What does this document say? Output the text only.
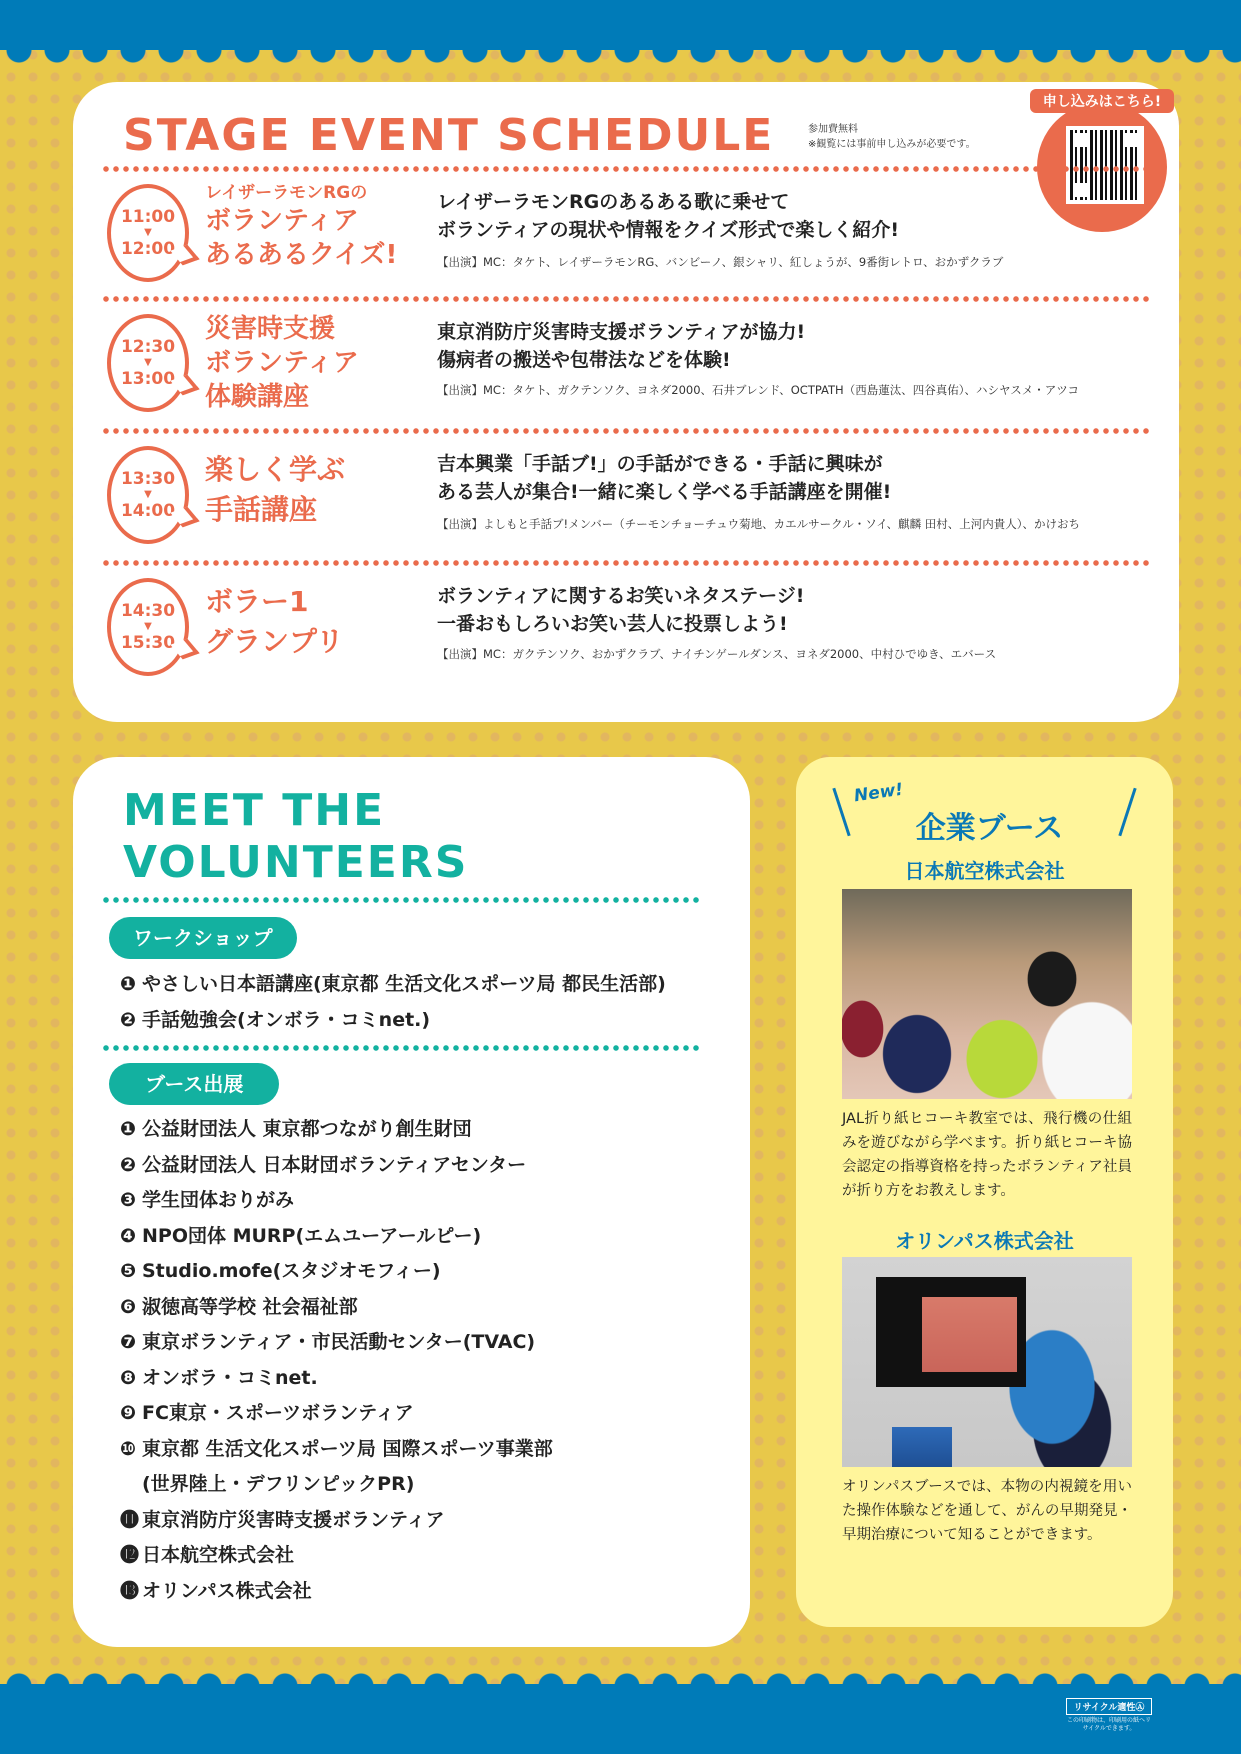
STAGE EVENT SCHEDULE	参加費無料
※観覧には事前申し込みが必要です。
申し込みはこちら!
11:00
▼
12:00
レイザーラモンRGの
ボランティア
あるあるクイズ!
レイザーラモンRGのあるある歌に乗せて
ボランティアの現状や情報をクイズ形式で楽しく紹介!
【出演】MC：タケト、レイザーラモンRG、バンビーノ、銀シャリ、紅しょうが、9番街レトロ、おかずクラブ
12:30
▼
13:00
災害時支援
ボランティア
体験講座
東京消防庁災害時支援ボランティアが協力!
傷病者の搬送や包帯法などを体験!
【出演】MC：タケト、ガクテンソク、ヨネダ2000、石井ブレンド、OCTPATH（西島蓮汰、四谷真佑）、ハシヤスメ・アツコ
13:30
▼
14:00
楽しく学ぶ
手話講座
吉本興業「手話ブ!」の手話ができる・手話に興味が
ある芸人が集合!一緒に楽しく学べる手話講座を開催!
【出演】よしもと手話ブ!メンバー（チーモンチョーチュウ菊地、カエルサークル・ソイ、麒麟 田村、上河内貴人）、かけおち
14:30
▼
15:30
ボラー1
グランプリ
ボランティアに関するお笑いネタステージ!
一番おもしろいお笑い芸人に投票しよう!
【出演】MC：ガクテンソク、おかずクラブ、ナイチンゲールダンス、ヨネダ2000、中村ひでゆき、エバース
MEET THE
VOLUNTEERS
ワークショップ
❶ やさしい日本語講座(東京都 生活文化スポーツ局 都民生活部)
❷ 手話勉強会(オンボラ・コミnet.)
ブース出展
❶ 公益財団法人 東京都つながり創生財団
❷ 公益財団法人 日本財団ボランティアセンター
❸ 学生団体おりがみ
❹ NPO団体 MURP(エムユーアールピー)
❺ Studio.mofe(スタジオモフィー)
❻ 淑徳高等学校 社会福祉部
❼ 東京ボランティア・市民活動センター(TVAC)
❽ オンボラ・コミnet.
❾ FC東京・スポーツボランティア
❿ 東京都 生活文化スポーツ局 国際スポーツ事業部
(世界陸上・デフリンピックPR)
⓫ 東京消防庁災害時支援ボランティア
⓬ 日本航空株式会社
⓭ オリンパス株式会社
New!
企業ブース
日本航空株式会社

JAL折り紙ヒコーキ教室では、飛行機の仕組みを遊びながら学べます。折り紙ヒコーキ協会認定の指導資格を持ったボランティア社員が折り方をお教えします。

オリンパス株式会社

オリンパスブースでは、本物の内視鏡を用いた操作体験などを通して、がんの早期発見・早期治療について知ることができます。

リサイクル適性Ⓐ
この印刷物は、印刷用の紙へリサイクルできます。
